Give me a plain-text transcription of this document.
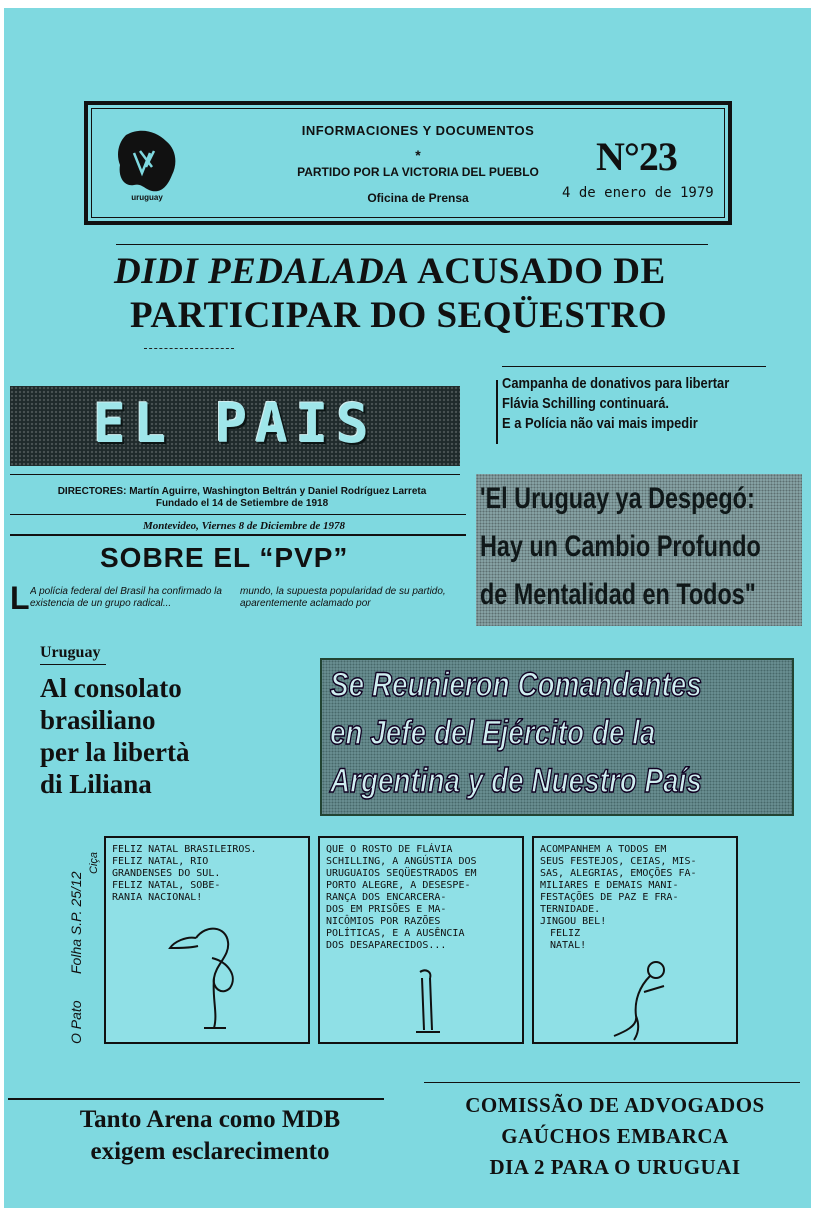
uruguay
INFORMACIONES Y DOCUMENTOS
*
PARTIDO POR LA VICTORIA DEL PUEBLO
Oficina de Prensa
N°23
4 de enero de 1979
DIDI PEDALADA ACUSADO DE
PARTICIPAR DO SEQÜESTRO
EL PAIS
DIRECTORES: Martín Aguirre, Washington Beltrán y Daniel Rodríguez Larreta
Fundado el 14 de Setiembre de 1918
Montevideo, Viernes 8 de Diciembre de 1978
SOBRE EL “PVP”
L A polícia federal del Brasil ha confirmado la existencia de un grupo radical...
mundo, la supuesta popularidad de su partido, aparentemente aclamado por
Campanha de donativos para libertar
Flávia Schilling continuará.
E a Polícia não vai mais impedir
'El Uruguay ya Despegó:
Hay un Cambio Profundo
de Mentalidad en Todos"
Uruguay
Al consolato
brasiliano
per la libertà
di Liliana
Se Reunieron Comandantes
en Jefe del Ejército de la
Argentina y de Nuestro País
O Pato
Folha S.P. 25/12
Ciça
FELIZ NATAL BRASILEIROS.
FELIZ NATAL, RIO
GRANDENSES DO SUL.
FELIZ NATAL, SOBE-
RANIA NACIONAL!
QUE O ROSTO DE FLÁVIA
SCHILLING, A ANGÚSTIA DOS
URUGUAIOS SEQÜESTRADOS EM
PORTO ALEGRE, A DESESPE-
RANÇA DOS ENCARCERA-
DOS EM PRISÕES E MA-
NICÔMIOS POR RAZÕES
POLÍTICAS, E A AUSÊNCIA
DOS DESAPARECIDOS...
ACOMPANHEM A TODOS EM
SEUS FESTEJOS, CEIAS, MIS-
SAS, ALEGRIAS, EMOÇÕES FA-
MILIARES E DEMAIS MANI-
FESTAÇÕES DE PAZ E FRA-
TERNIDADE.
JINGOU BEL!
FELIZ
NATAL!
Tanto Arena como MDB
exigem esclarecimento
COMISSÃO DE ADVOGADOS
GAÚCHOS EMBARCA
DIA 2 PARA O URUGUAI
